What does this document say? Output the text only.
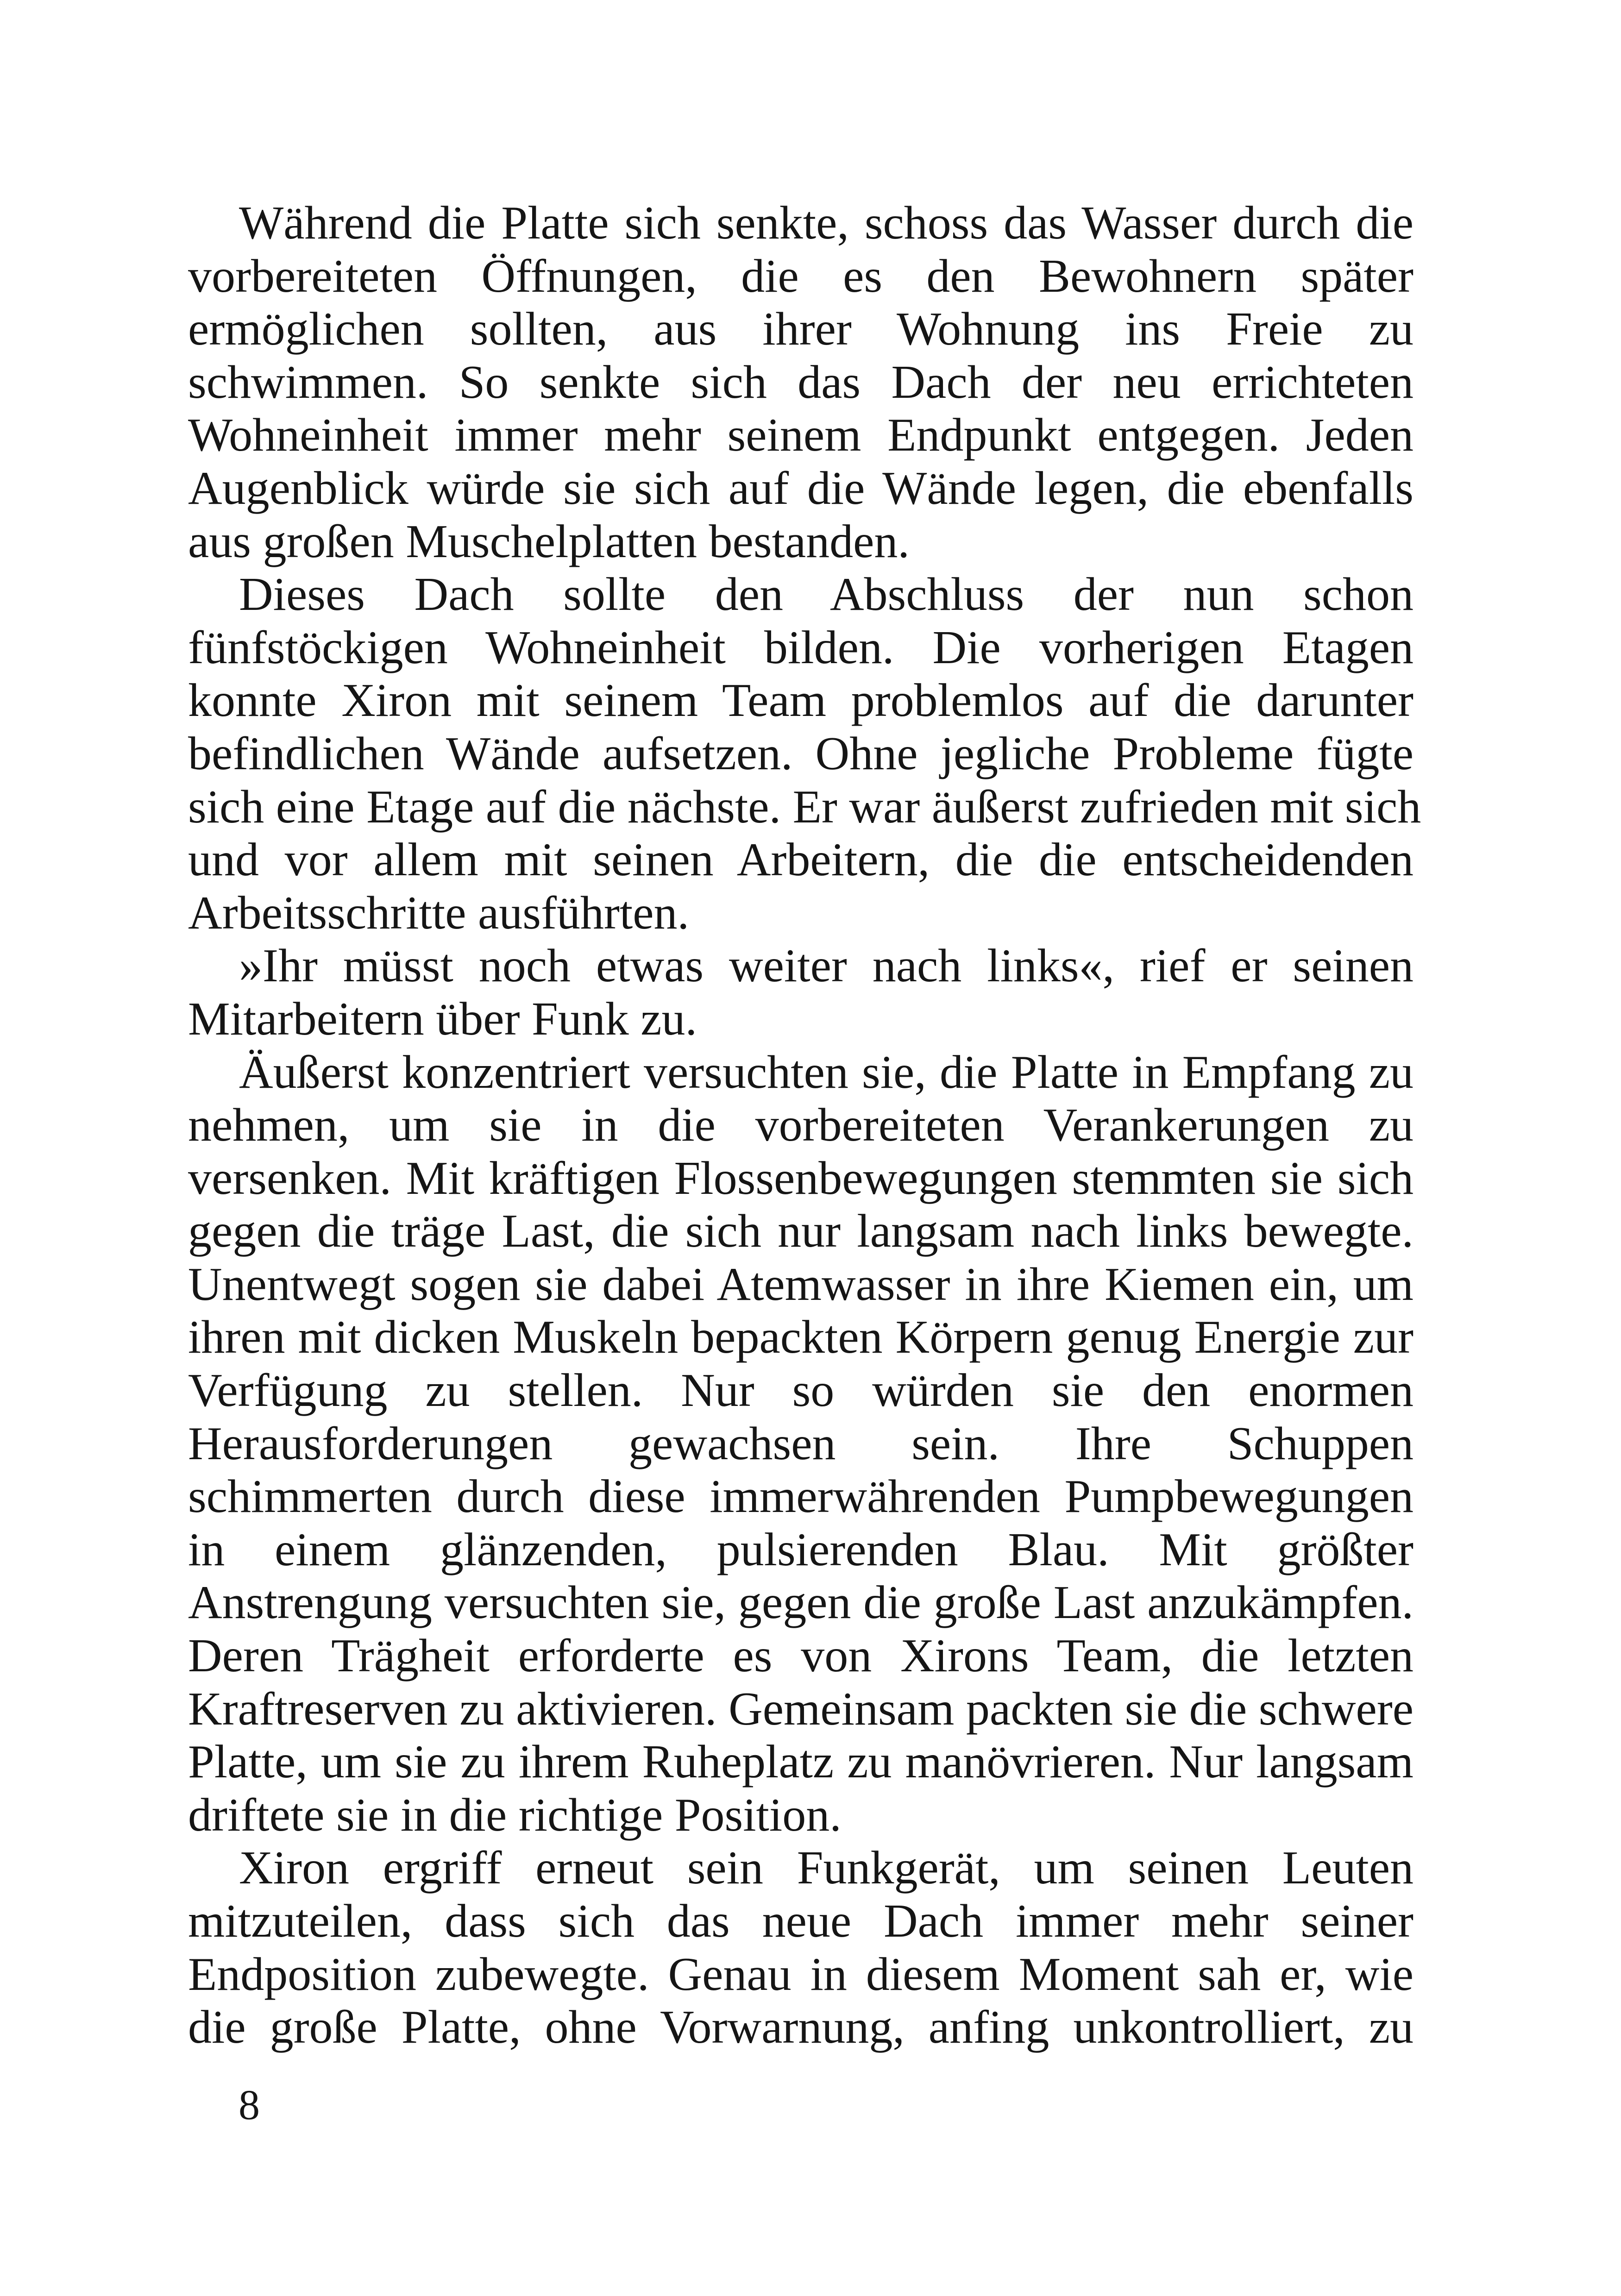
Während die Platte sich senkte, schoss das Wasser durch die
vorbereiteten Öffnungen, die es den Bewohnern später
ermöglichen sollten, aus ihrer Wohnung ins Freie zu
schwimmen. So senkte sich das Dach der neu errichteten
Wohneinheit immer mehr seinem Endpunkt entgegen. Jeden
Augenblick würde sie sich auf die Wände legen, die ebenfalls
aus großen Muschelplatten bestanden.

Dieses Dach sollte den Abschluss der nun schon
fünfstöckigen Wohneinheit bilden. Die vorherigen Etagen
konnte Xiron mit seinem Team problemlos auf die darunter
befindlichen Wände aufsetzen. Ohne jegliche Probleme fügte
sich eine Etage auf die nächste. Er war äußerst zufrieden mit sich
und vor allem mit seinen Arbeitern, die die entscheidenden
Arbeitsschritte ausführten.

»Ihr müsst noch etwas weiter nach links«, rief er seinen
Mitarbeitern über Funk zu.

Äußerst konzentriert versuchten sie, die Platte in Empfang zu
nehmen, um sie in die vorbereiteten Verankerungen zu
versenken. Mit kräftigen Flossenbewegungen stemmten sie sich
gegen die träge Last, die sich nur langsam nach links bewegte.
Unentwegt sogen sie dabei Atemwasser in ihre Kiemen ein, um
ihren mit dicken Muskeln bepackten Körpern genug Energie zur
Verfügung zu stellen. Nur so würden sie den enormen
Herausforderungen gewachsen sein. Ihre Schuppen
schimmerten durch diese immerwährenden Pumpbewegungen
in einem glänzenden, pulsierenden Blau. Mit größter
Anstrengung versuchten sie, gegen die große Last anzukämpfen.
Deren Trägheit erforderte es von Xirons Team, die letzten
Kraftreserven zu aktivieren. Gemeinsam packten sie die schwere
Platte, um sie zu ihrem Ruheplatz zu manövrieren. Nur langsam
driftete sie in die richtige Position.

Xiron ergriff erneut sein Funkgerät, um seinen Leuten
mitzuteilen, dass sich das neue Dach immer mehr seiner
Endposition zubewegte. Genau in diesem Moment sah er, wie
die große Platte, ohne Vorwarnung, anfing unkontrolliert, zu

8
